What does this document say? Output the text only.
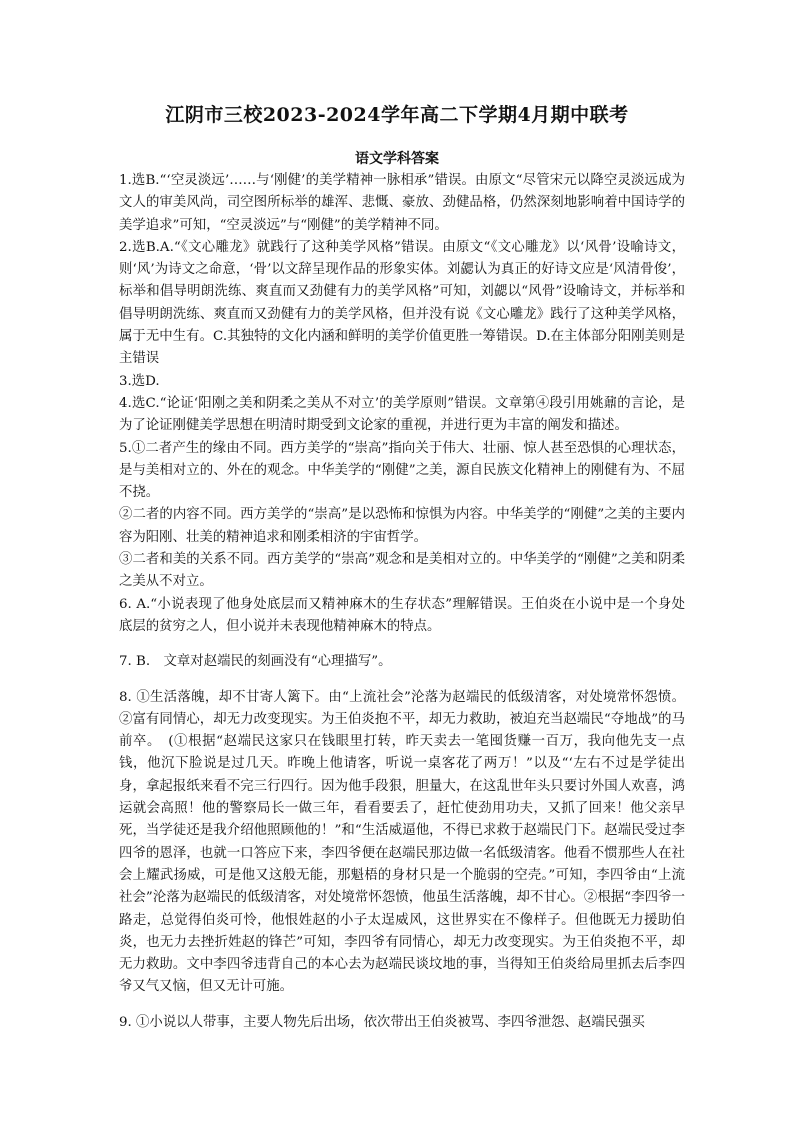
江阴市三校2023-2024学年高二下学期4月期中联考
语文学科答案

1.选B.“‘空灵淡远’……与‘刚健’的美学精神一脉相承”错误。由原文“尽管宋元以降空灵淡远成为文人的审美风尚，司空图所标举的雄浑、悲慨、豪放、劲健品格，仍然深刻地影响着中国诗学的美学追求”可知，“空灵淡远”与“刚健”的美学精神不同。

2.选B.A.“《文心雕龙》就践行了这种美学风格”错误。由原文“《文心雕龙》以‘风骨’设喻诗文，则‘风’为诗文之命意，‘骨’以文辞呈现作品的形象实体。刘勰认为真正的好诗文应是‘风清骨俊’，标举和倡导明朗洗练、爽直而又劲健有力的美学风格”可知，刘勰以“风骨”设喻诗文，并标举和倡导明朗洗练、爽直而又劲健有力的美学风格，但并没有说《文心雕龙》践行了这种美学风格，属于无中生有。C.其独特的文化内涵和鲜明的美学价值更胜一筹错误。D.在主体部分阳刚美则是主错误

3.选D.

4.选C.“论证‘阳刚之美和阴柔之美从不对立’的美学原则”错误。文章第④段引用姚鼐的言论，是为了论证刚健美学思想在明清时期受到文论家的重视，并进行更为丰富的阐发和描述。

5.①二者产生的缘由不同。西方美学的“崇高”指向关于伟大、壮丽、惊人甚至恐惧的心理状态，是与美相对立的、外在的观念。中华美学的“刚健”之美，源自民族文化精神上的刚健有为、不屈不挠。

②二者的内容不同。西方美学的“崇高”是以恐怖和惊惧为内容。中华美学的“刚健”之美的主要内容为阳刚、壮美的精神追求和刚柔相济的宇宙哲学。

③二者和美的关系不同。西方美学的“崇高”观念和是美相对立的。中华美学的“刚健”之美和阴柔之美从不对立。

6. A.“小说表现了他身处底层而又精神麻木的生存状态”理解错误。王伯炎在小说中是一个身处底层的贫穷之人，但小说并未表现他精神麻木的特点。

7. B.　文章对赵端民的刻画没有“心理描写”。

8. ①生活落魄，却不甘寄人篱下。由“上流社会”沦落为赵端民的低级清客，对处境常怀怨愤。②富有同情心，却无力改变现实。为王伯炎抱不平，却无力救助，被迫充当赵端民“夺地战”的马前卒。　(①根据“赵端民这家只在钱眼里打转，昨天卖去一笔囤货赚一百万，我向他先支一点钱，他沉下脸说是过几天。昨晚上他请客，听说一桌客花了两万！”以及“‘左右不过是学徒出身，拿起报纸来看不完三行四行。因为他手段狠，胆量大，在这乱世年头只要讨外国人欢喜，鸿运就会高照！他的警察局长一做三年，看看要丢了，赶忙使劲用功夫，又抓了回来！他父亲早死，当学徒还是我介绍他照顾他的！”和“生活威逼他，不得已求救于赵端民门下。赵端民受过李四爷的恩泽，也就一口答应下来，李四爷便在赵端民那边做一名低级清客。他看不惯那些人在社会上耀武扬威，可是他又这般无能，那魁梧的身材只是一个脆弱的空壳。”可知，李四爷由“上流社会”沦落为赵端民的低级清客，对处境常怀怨愤，他虽生活落魄，却不甘心。②根据“李四爷一路走，总觉得伯炎可怜，他恨姓赵的小子太逞威风，这世界实在不像样子。但他既无力援助伯炎，也无力去挫折姓赵的锋芒”可知，李四爷有同情心，却无力改变现实。为王伯炎抱不平，却无力救助。文中李四爷违背自己的本心去为赵端民谈坟地的事，当得知王伯炎给局里抓去后李四爷又气又恼，但又无计可施。

9. ①小说以人带事，主要人物先后出场，依次带出王伯炎被骂、李四爷泄怨、赵端民强买
